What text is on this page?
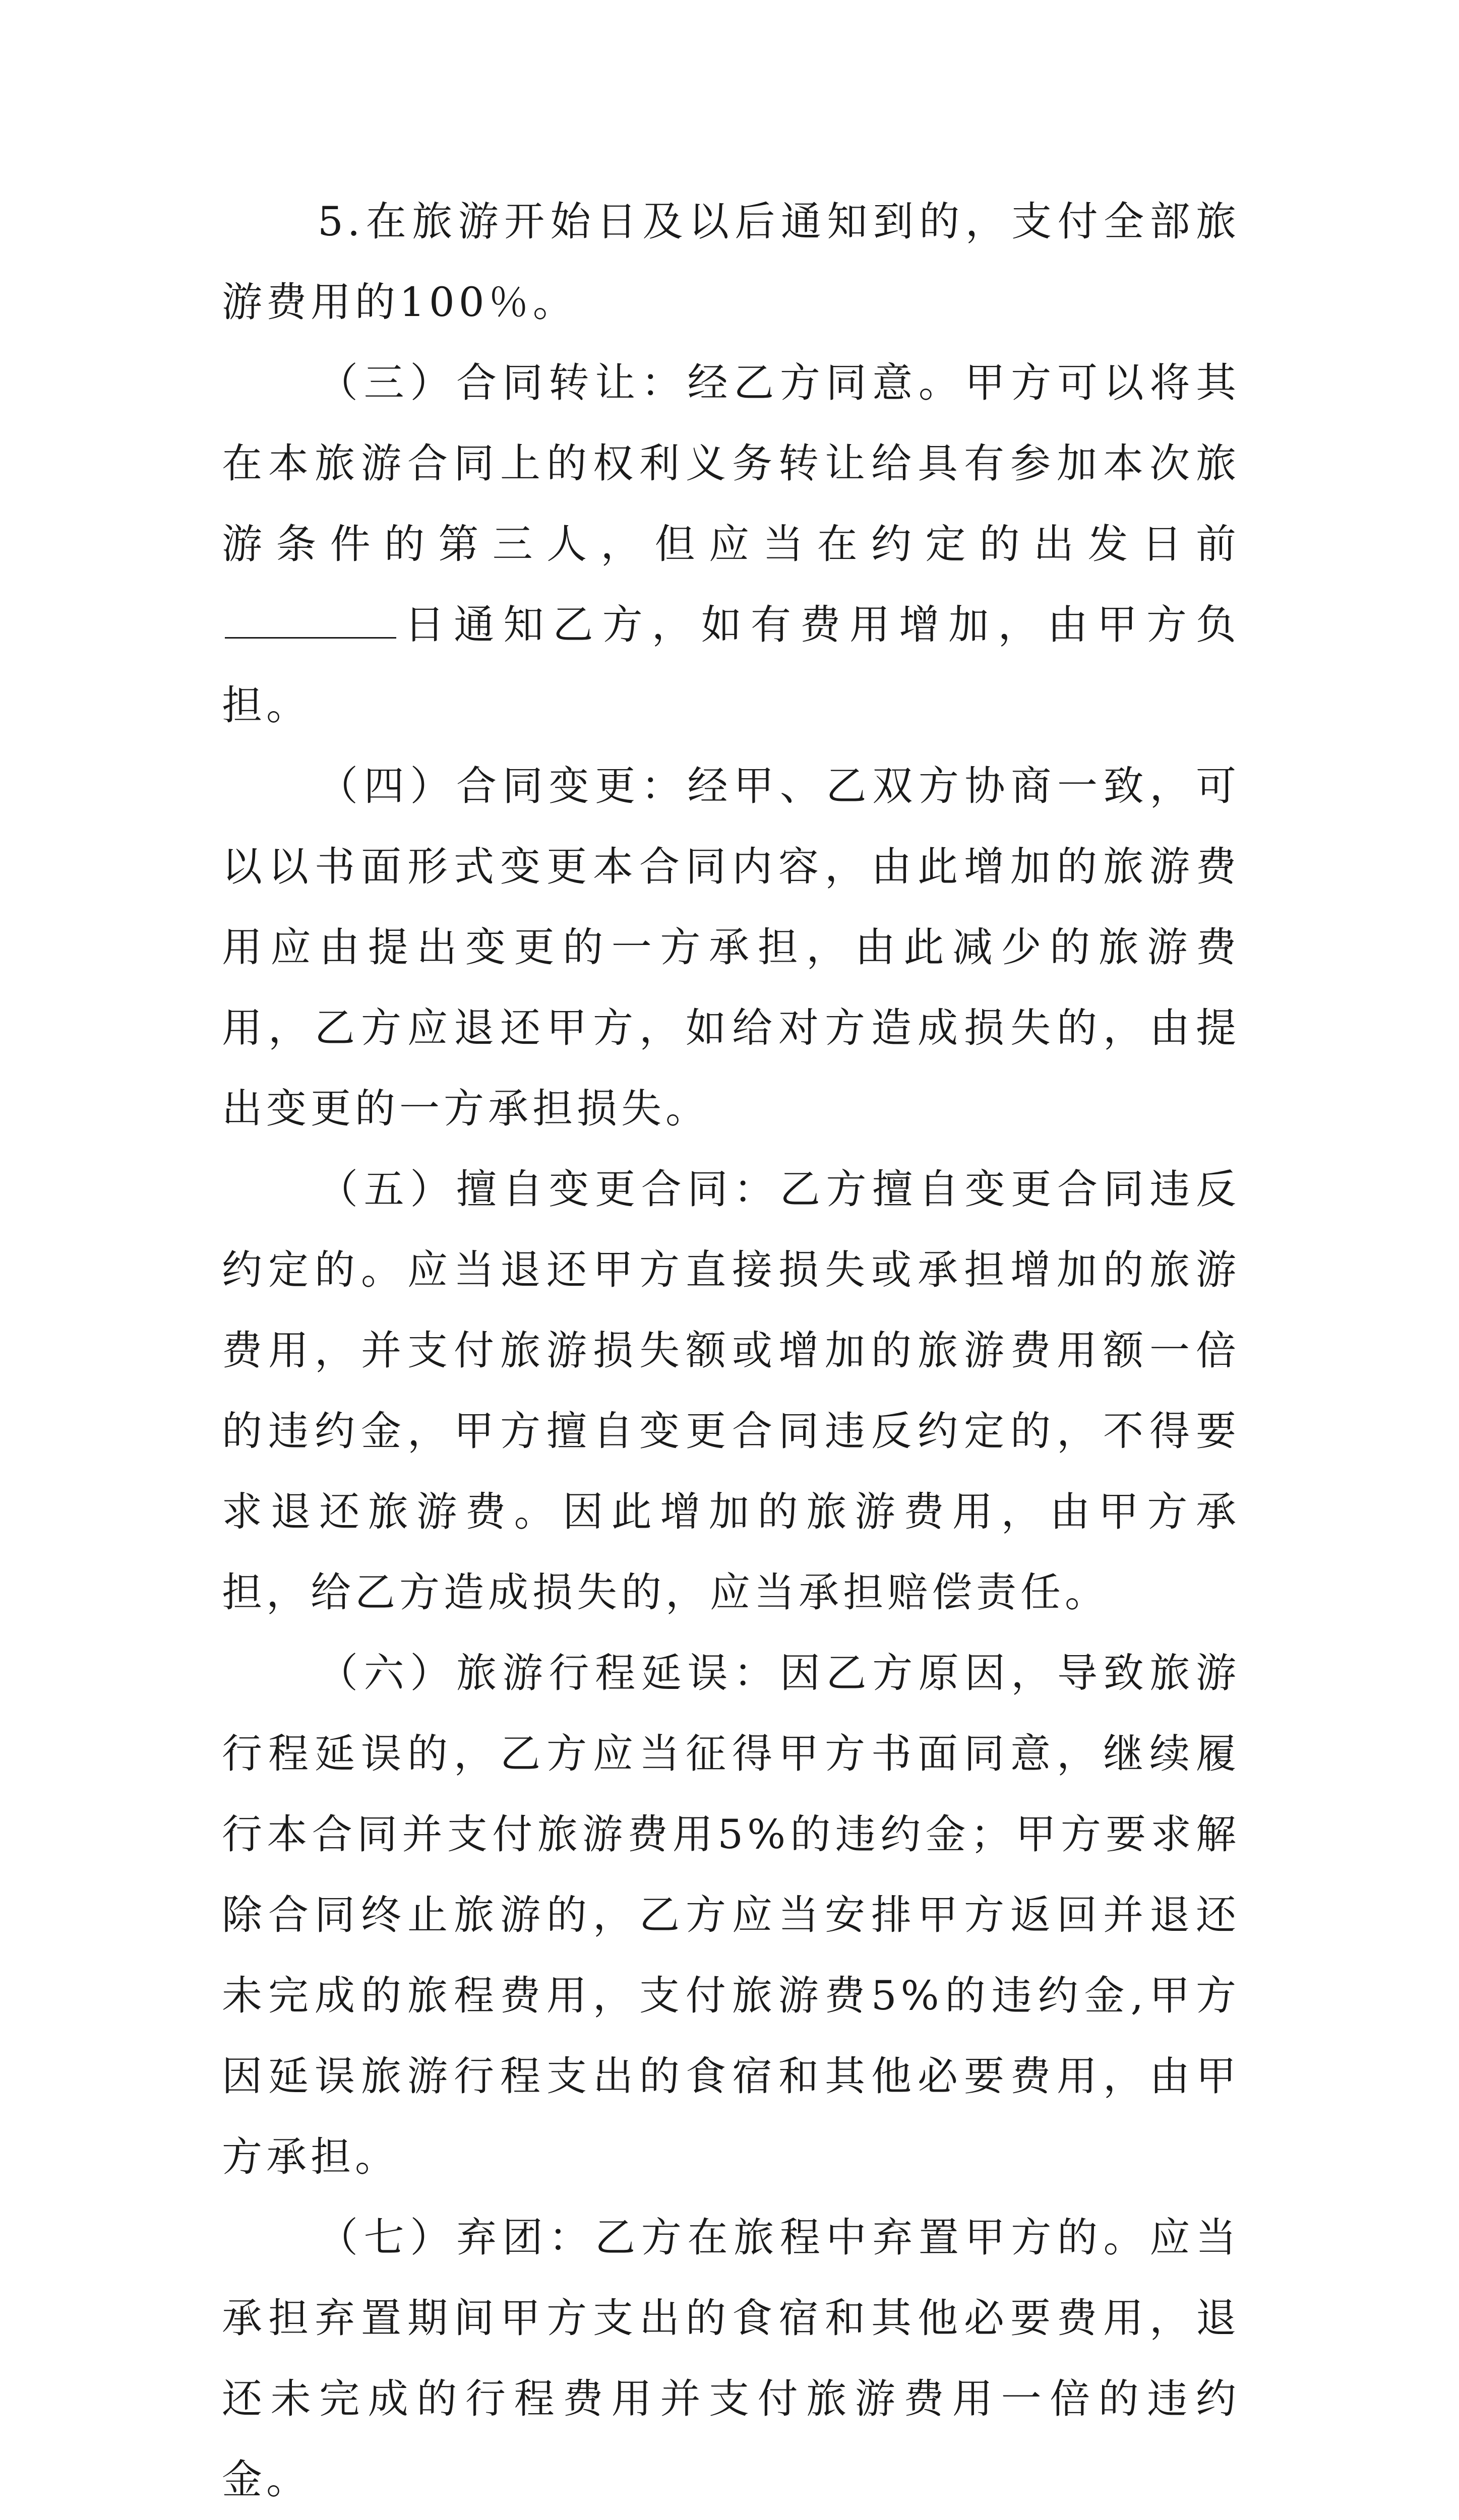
5.在旅游开始日及以后通知到的，支付全部旅游费用的100％。

（三）合同转让：经乙方同意。甲方可以将其在本旅游合同上的权利义务转让给具有参加本次旅游条件的第三人，但应当在约定的出发日前日通知乙方，如有费用增加，由甲方负担。

（四）合同变更：经甲、乙双方协商一致，可以以书面形式变更本合同内容，由此增加的旅游费用应由提出变更的一方承担，由此减少的旅游费用，乙方应退还甲方，如给对方造成损失的，由提出变更的一方承担损失。

（五）擅自变更合同：乙方擅自变更合同违反约定的。应当退还甲方直接损失或承担增加的旅游费用，并支付旅游损失额或增加的旅游费用额一倍的违约金，甲方擅自变更合同违反约定的，不得要求退还旅游费。因此增加的旅游费用，由甲方承担，给乙方造成损失的，应当承担赔偿责任。

（六）旅游行程延误：因乙方原因，导致旅游行程延误的，乙方应当征得甲方书面同意，继续履行本合同并支付旅游费用5%的违约金；甲方要求解除合同终止旅游的，乙方应当安排甲方返回并退还未完成的旅程费用，支付旅游费5%的违约金,甲方因延误旅游行程支出的食宿和其他必要费用，由甲方承担。

（七）弃团：乙方在旅程中弃置甲方的。应当承担弃置期间甲方支出的食宿和其他必要费用，退还未完成的行程费用并支付旅游费用一倍的违约金。
